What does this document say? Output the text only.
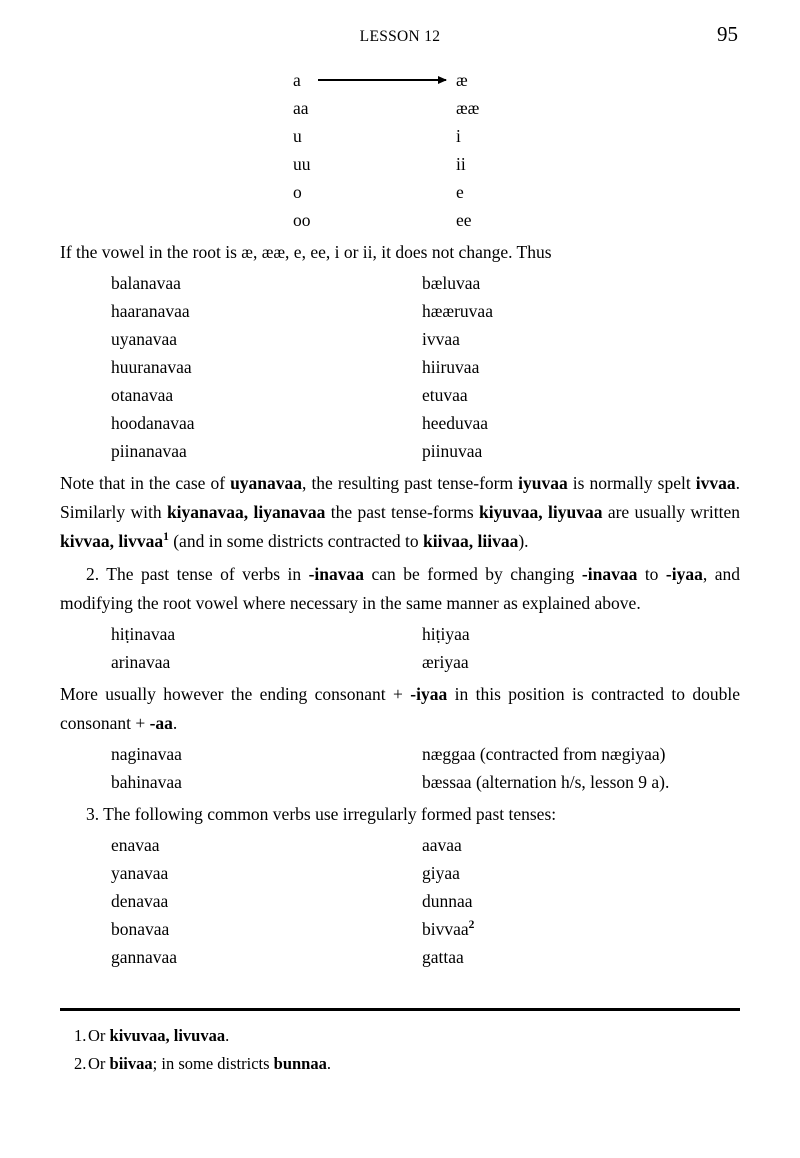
LESSON 12	95
a	æ
aa	ææ
u	i
uu	ii
o	e
oo	ee

If the vowel in the root is æ, ææ, e, ee, i or ii, it does not change. Thus

balanavaa	bæluvaa
haaranavaa	hææruvaa
uyanavaa	ivvaa
huuranavaa	hiiruvaa
otanavaa	etuvaa
hoodanavaa	heeduvaa
piinanavaa	piinuvaa

Note that in the case of uyanavaa, the resulting past tense-form iyuvaa is normally spelt ivvaa. Similarly with kiyanavaa, liyanavaa the past tense-forms kiyuvaa, liyuvaa are usually written kivvaa, livvaa$^1$ (and in some districts contracted to kiivaa, liivaa).

2. The past tense of verbs in -inavaa can be formed by changing -inavaa to -iyaa, and modifying the root vowel where necessary in the same manner as explained above.

hiṭinavaa	hiṭiyaa
arinavaa	æriyaa

More usually however the ending consonant + -iyaa in this position is contracted to double consonant + -aa.

naginavaa	næggaa (contracted from nægiyaa)
bahinavaa	bæssaa (alternation h/s, lesson 9 a).

3. The following common verbs use irregularly formed past tenses:

enavaa	aavaa
yanavaa	giyaa
denavaa	dunnaa
bonavaa	bivvaa$^2$
gannavaa	gattaa
1. Or kivuvaa, livuvaa.
2. Or biivaa; in some districts bunnaa.
